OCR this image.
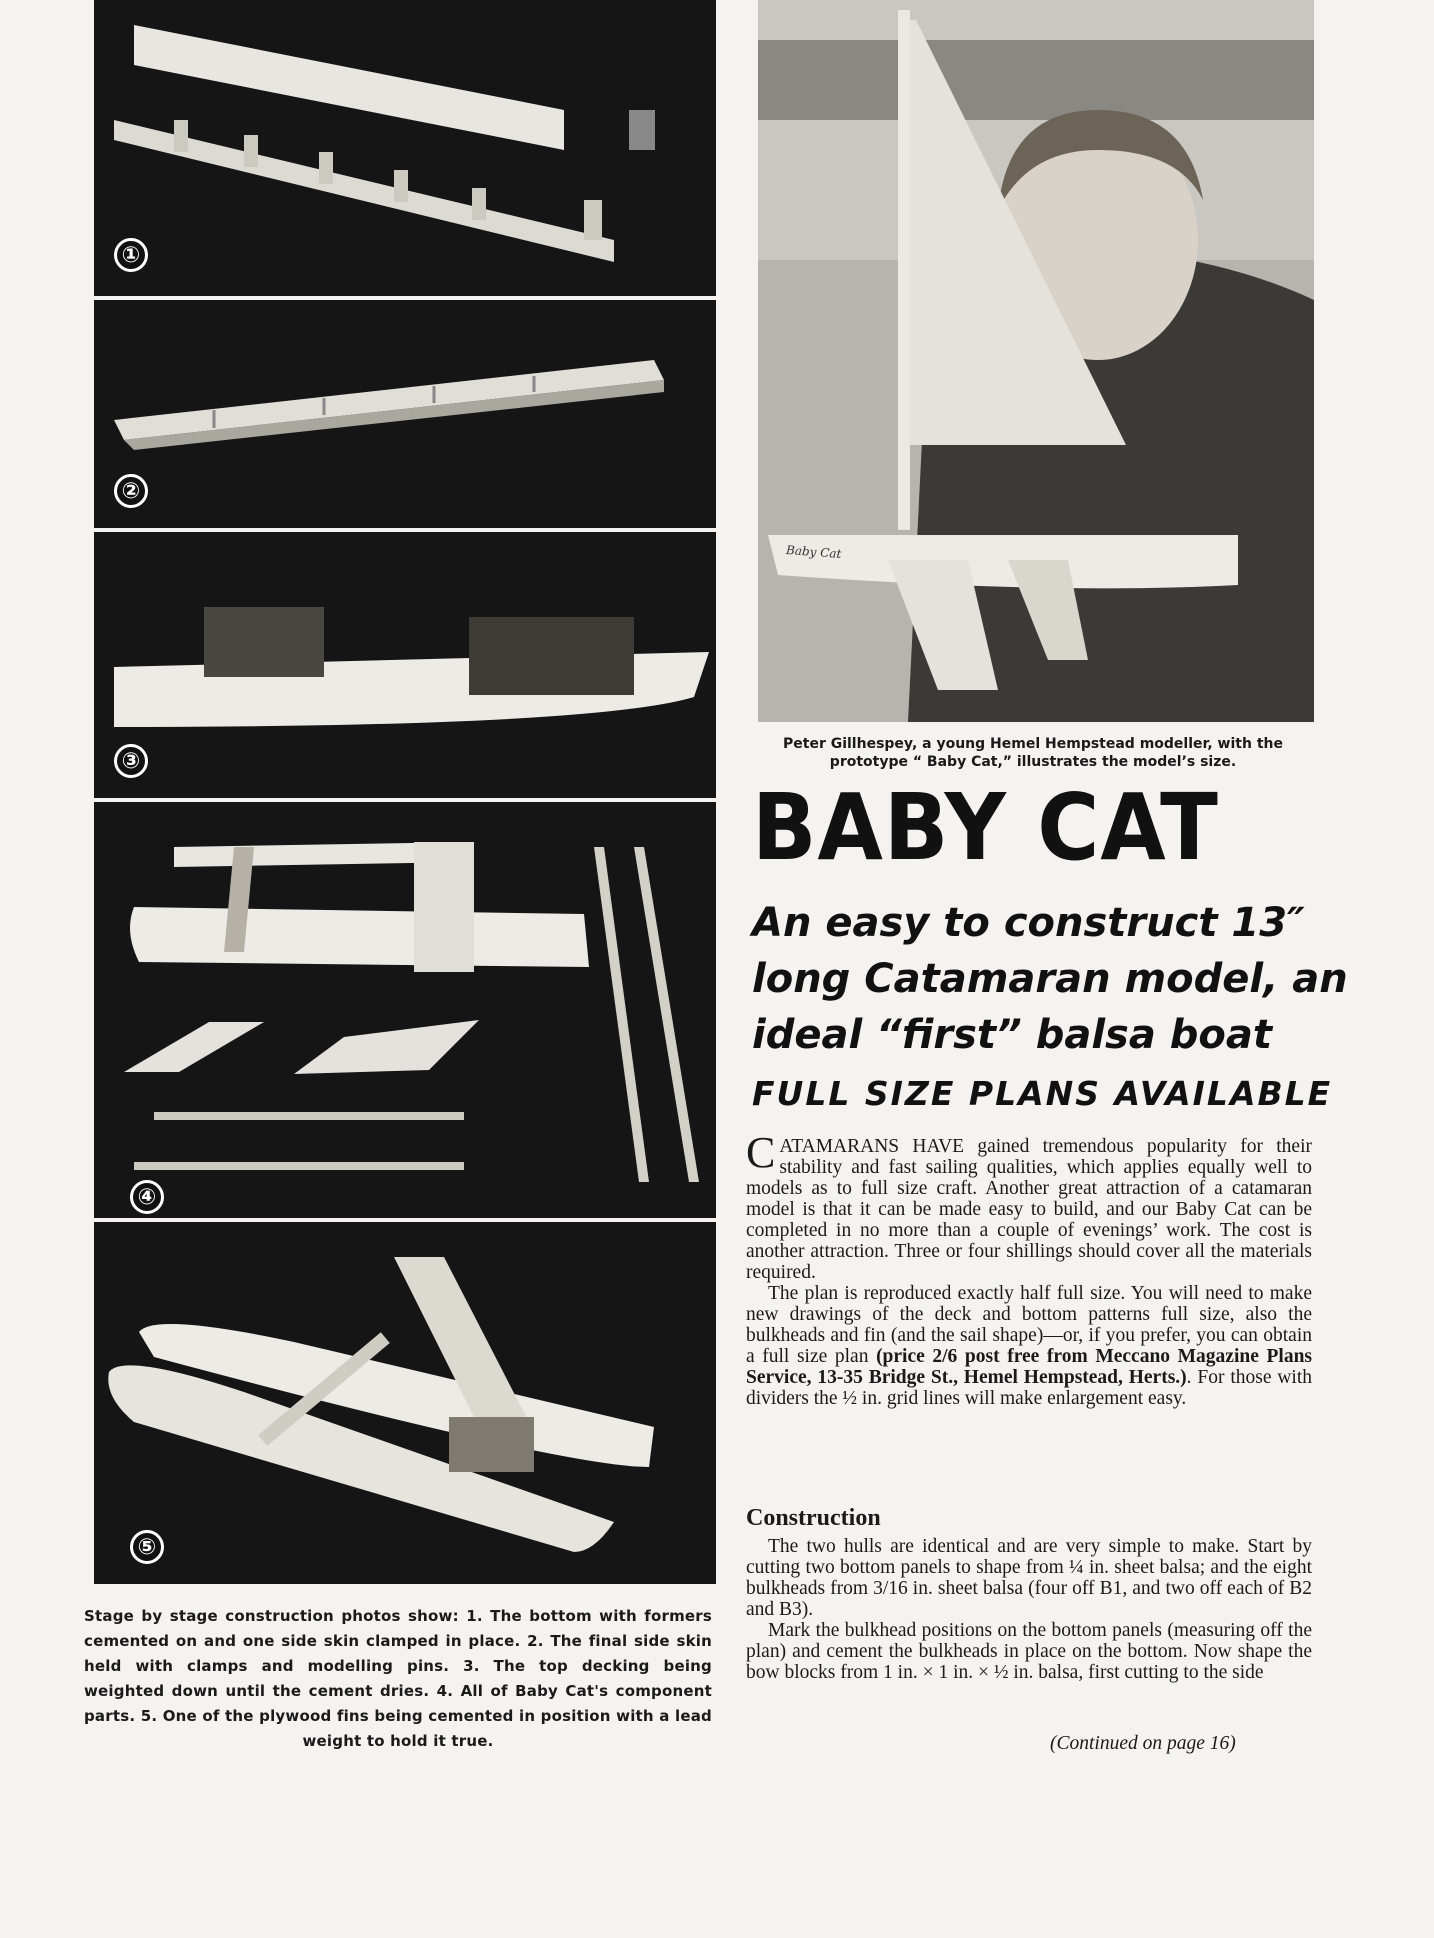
①
②
③
④
⑤
Stage by stage construction photos show: 1. The bottom with formers cemented on and one side skin clamped in place. 2. The final side skin held with clamps and modelling pins. 3. The top decking being weighted down until the cement dries. 4. All of Baby Cat's component parts. 5. One of the plywood fins being cemented in position with a lead weight to hold it true.
Baby Cat
Peter Gillhespey, a young Hemel Hempstead modeller, with the prototype “ Baby Cat,” illustrates the model’s size.
BABY CAT
An easy to construct 13″
long Catamaran model, an
ideal “first” balsa boat
FULL SIZE PLANS AVAILABLE

CATAMARANS HAVE gained tremendous popularity for their stability and fast sailing qualities, which applies equally well to models as to full size craft. Another great attraction of a catamaran model is that it can be made easy to build, and our Baby Cat can be completed in no more than a couple of evenings’ work. The cost is another attraction. Three or four shillings should cover all the materials required.

The plan is reproduced exactly half full size. You will need to make new drawings of the deck and bottom patterns full size, also the bulkheads and fin (and the sail shape)—or, if you prefer, you can obtain a full size plan (price 2/6 post free from Meccano Magazine Plans Service, 13-35 Bridge St., Hemel Hempstead, Herts.). For those with dividers the ½ in. grid lines will make enlargement easy.

Construction

The two hulls are identical and are very simple to make. Start by cutting two bottom panels to shape from ¼ in. sheet balsa; and the eight bulkheads from 3/16 in. sheet balsa (four off B1, and two off each of B2 and B3).

Mark the bulkhead positions on the bottom panels (measuring off the plan) and cement the bulkheads in place on the bottom. Now shape the bow blocks from 1 in. × 1 in. × ½ in. balsa, first cutting to the side

(Continued on page 16)
